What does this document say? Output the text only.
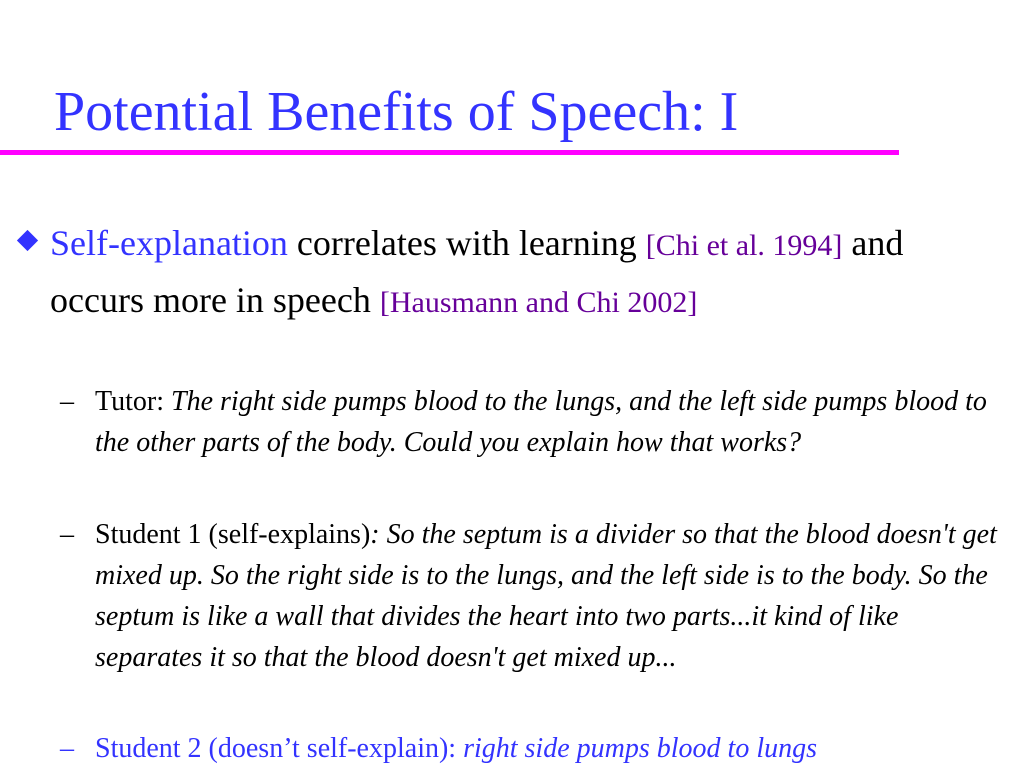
Potential Benefits of Speech: I
Self-explanation correlates with learning [Chi et al. 1994] and occurs more in speech [Hausmann and Chi 2002]
– Tutor: The right side pumps blood to the lungs, and the left side pumps blood to the other parts of the body. Could you explain how that works?
– Student 1 (self-explains): So the septum is a divider so that the blood doesn't get mixed up. So the right side is to the lungs, and the left side is to the body. So the septum is like a wall that divides the heart into two parts...it kind of like separates it so that the blood doesn't get mixed up...
– Student 2 (doesn’t self-explain): right side pumps blood to lungs
